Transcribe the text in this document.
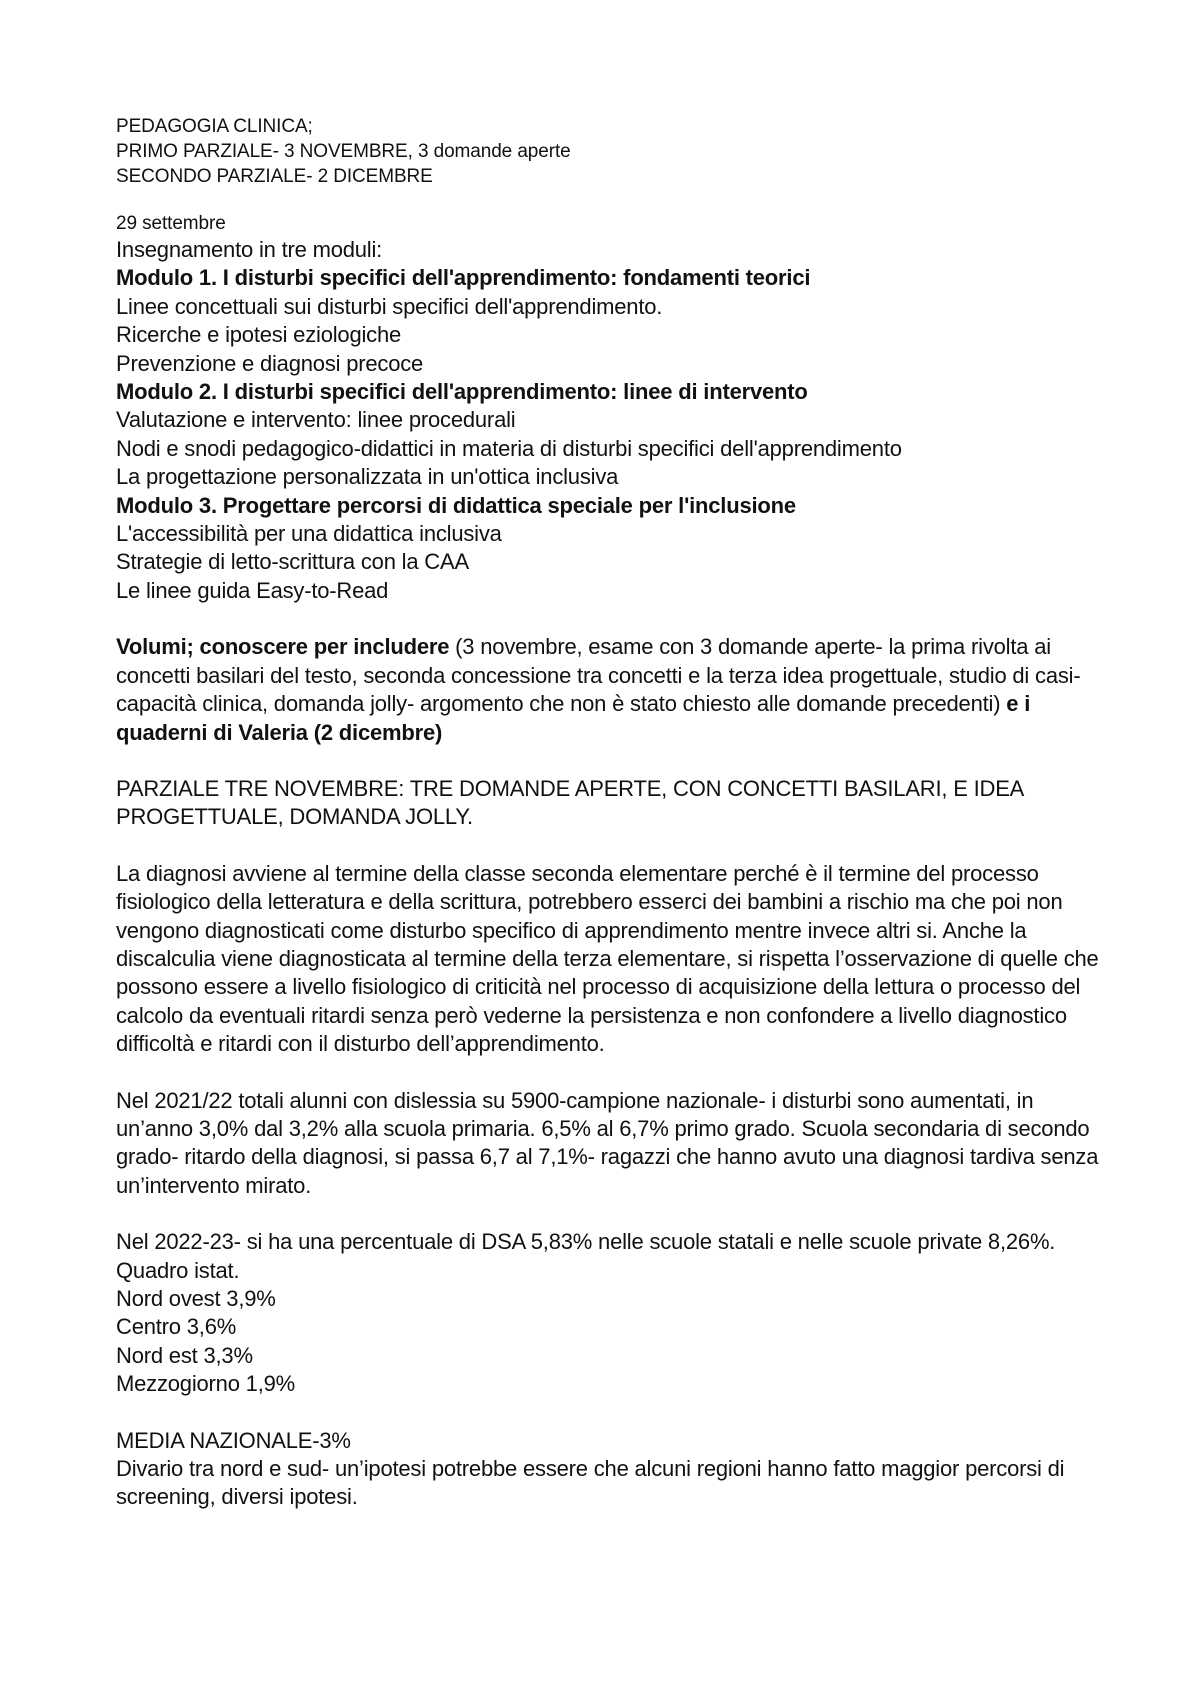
PEDAGOGIA CLINICA;
PRIMO PARZIALE- 3 NOVEMBRE, 3 domande aperte
SECONDO PARZIALE- 2 DICEMBRE
29 settembre
Insegnamento in tre moduli:
Modulo 1. I disturbi specifici dell'apprendimento: fondamenti teorici
Linee concettuali sui disturbi specifici dell'apprendimento.
Ricerche e ipotesi eziologiche
Prevenzione e diagnosi precoce
Modulo 2. I disturbi specifici dell'apprendimento: linee di intervento
Valutazione e intervento: linee procedurali
Nodi e snodi pedagogico-didattici in materia di disturbi specifici dell'apprendimento
La progettazione personalizzata in un'ottica inclusiva
Modulo 3. Progettare percorsi di didattica speciale per l'inclusione
L'accessibilità per una didattica inclusiva
Strategie di letto-scrittura con la CAA
Le linee guida Easy-to-Read
Volumi; conoscere per includere (3 novembre, esame con 3 domande aperte- la prima rivolta ai concetti basilari del testo, seconda concessione tra concetti e la terza idea progettuale, studio di casi- capacità clinica, domanda jolly- argomento che non è stato chiesto alle domande precedenti) e i quaderni di Valeria (2 dicembre)
PARZIALE TRE NOVEMBRE: TRE DOMANDE APERTE, CON CONCETTI BASILARI, E IDEA PROGETTUALE, DOMANDA JOLLY.
La diagnosi avviene al termine della classe seconda elementare perché è il termine del processo fisiologico della letteratura e della scrittura, potrebbero esserci dei bambini a rischio ma che poi non vengono diagnosticati come disturbo specifico di apprendimento mentre invece altri si. Anche la discalculia viene diagnosticata al termine della terza elementare, si rispetta l’osservazione di quelle che possono essere a livello fisiologico di criticità nel processo di acquisizione della lettura o processo del calcolo da eventuali ritardi senza però vederne la persistenza e non confondere a livello diagnostico difficoltà e ritardi con il disturbo dell’apprendimento.
Nel 2021/22 totali alunni con dislessia su 5900-campione nazionale- i disturbi sono aumentati, in un’anno 3,0% dal 3,2% alla scuola primaria. 6,5% al 6,7% primo grado. Scuola secondaria di secondo grado- ritardo della diagnosi, si passa 6,7 al 7,1%- ragazzi che hanno avuto una diagnosi tardiva senza un’intervento mirato.
Nel 2022-23- si ha una percentuale di DSA 5,83% nelle scuole statali e nelle scuole private 8,26%. Quadro istat.
Nord ovest 3,9%
Centro 3,6%
Nord est 3,3%
Mezzogiorno 1,9%
MEDIA NAZIONALE-3%
Divario tra nord e sud- un’ipotesi potrebbe essere che alcuni regioni hanno fatto maggior percorsi di screening, diversi ipotesi.
